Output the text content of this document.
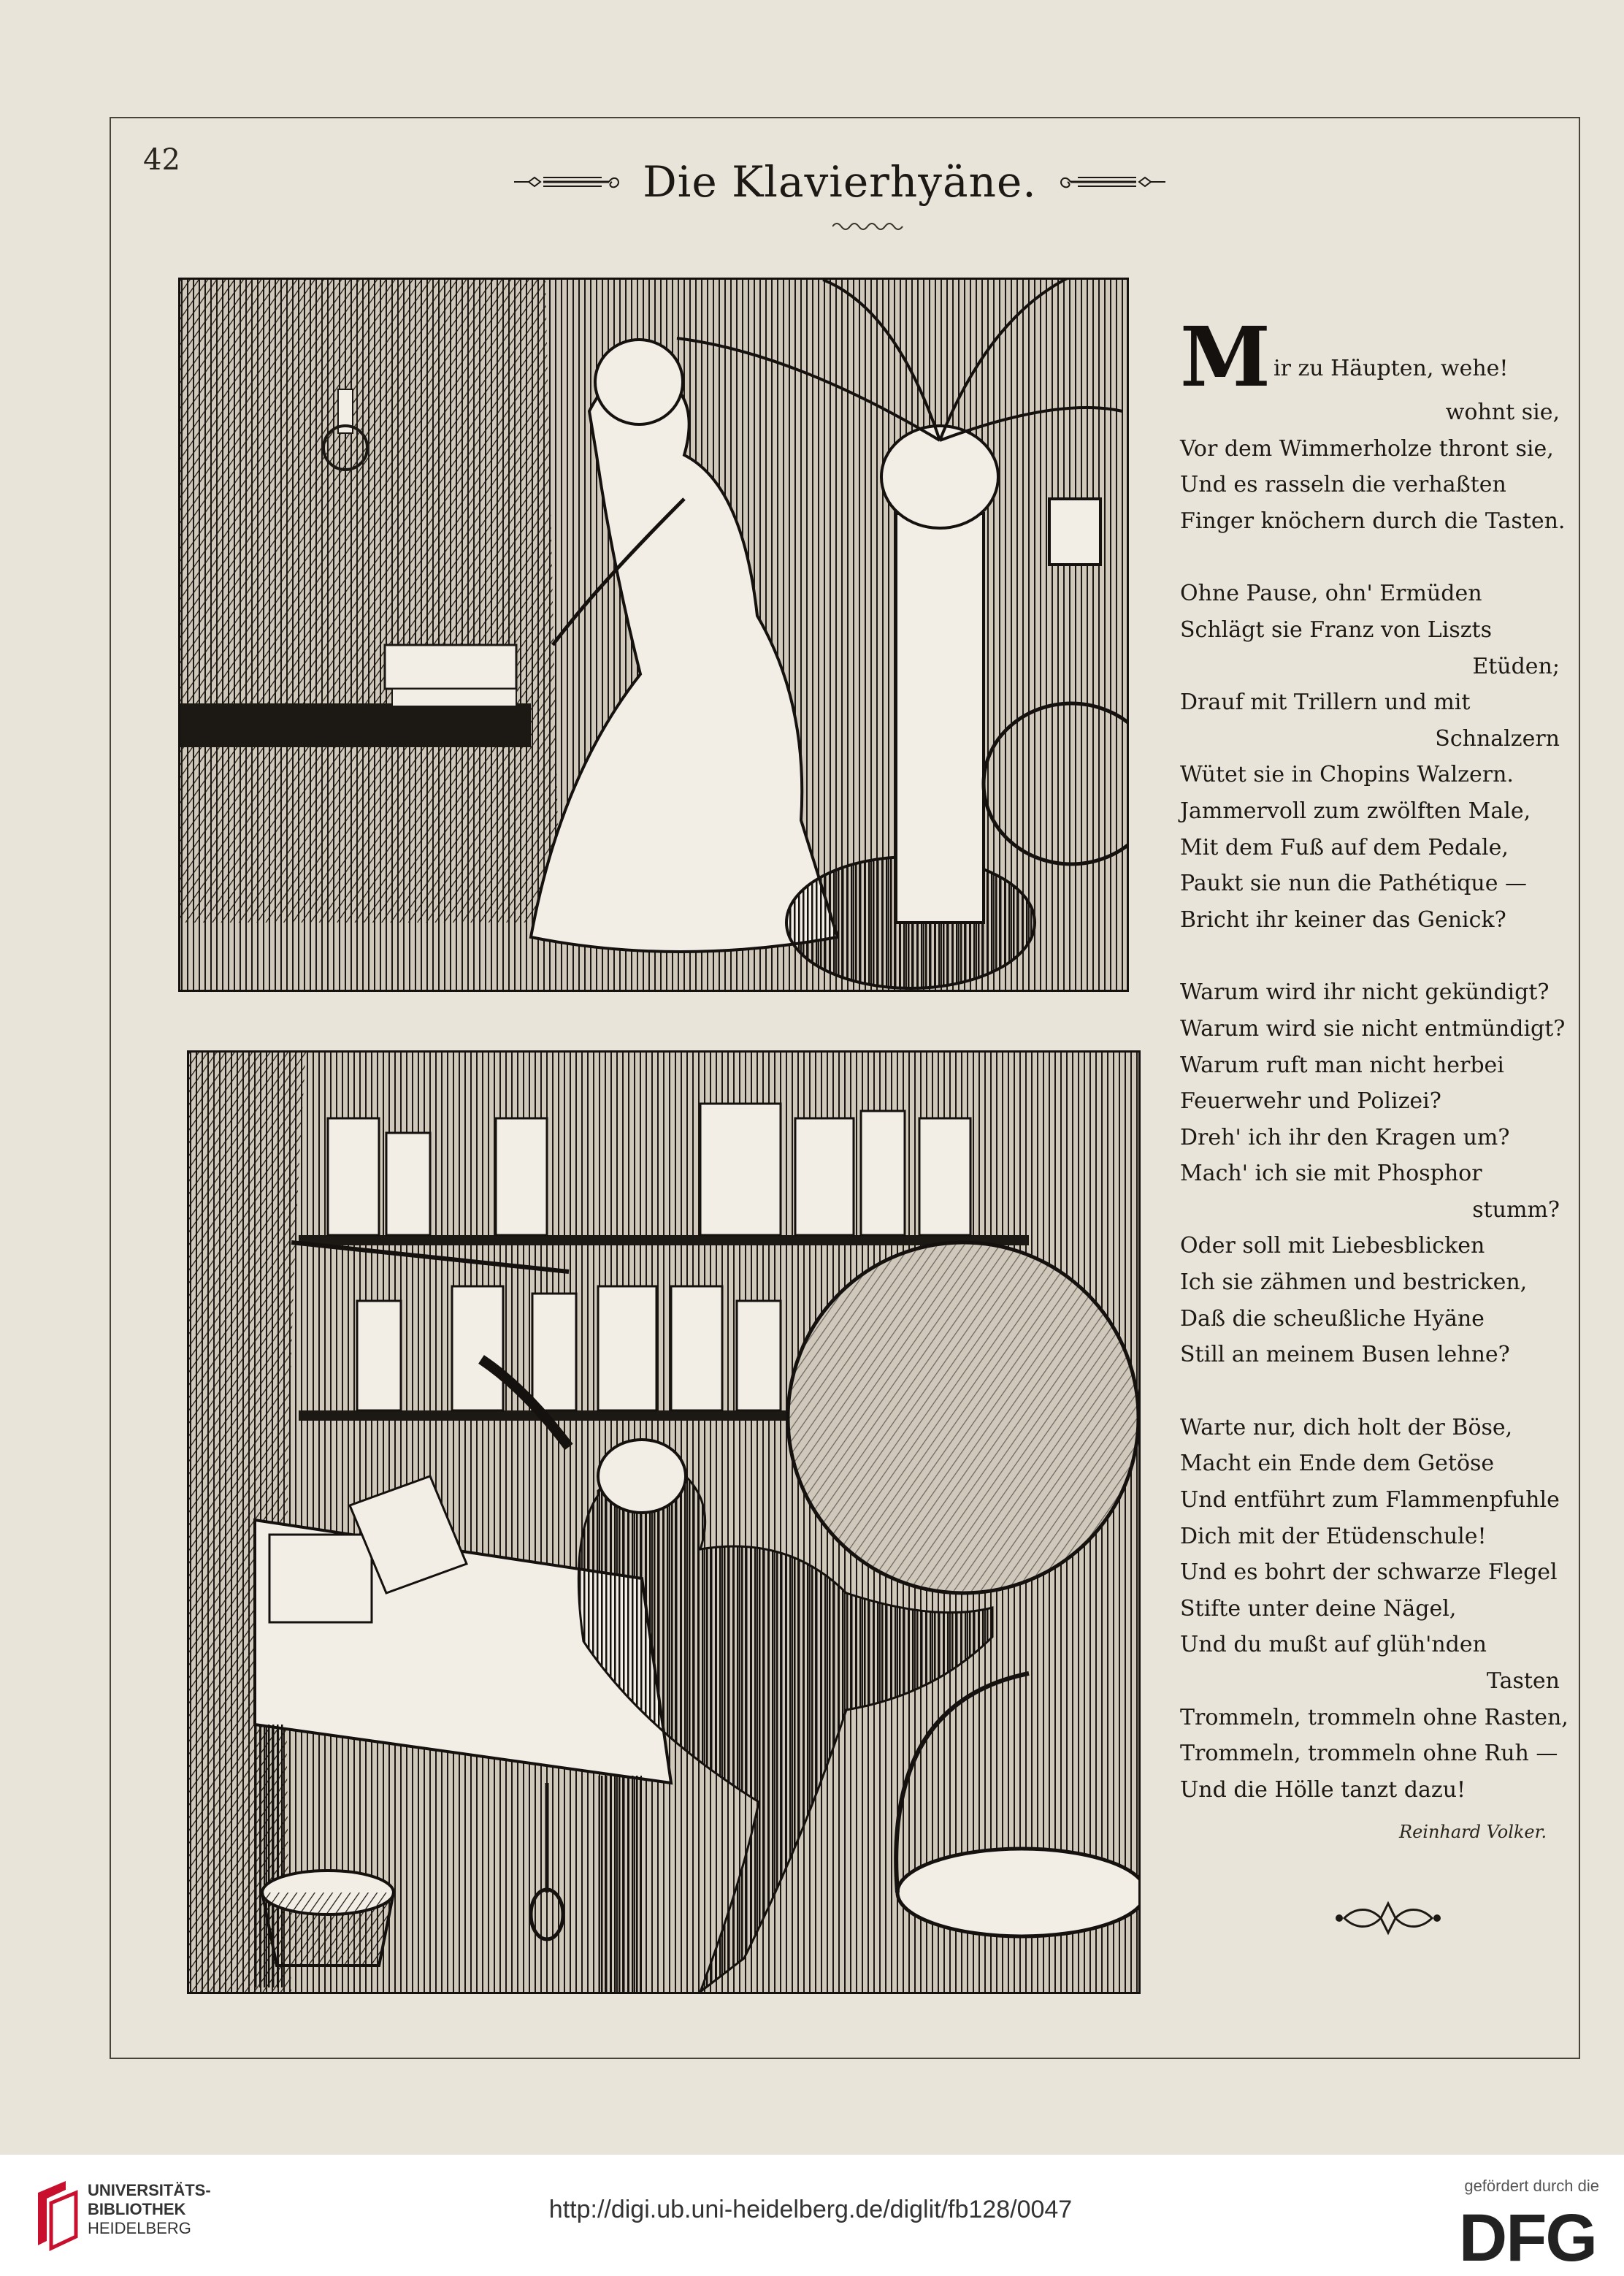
42	Die Klavierhyäne.
M ir zu Häupten, wehe!
wohnt sie,
Vor dem Wimmerholze thront sie,
Und es rasseln die verhaßten
Finger knöchern durch die Tasten.
Ohne Pause, ohn' Ermüden
Schlägt sie Franz von Liszts
Etüden;
Drauf mit Trillern und mit
Schnalzern
Wütet sie in Chopins Walzern.
Jammervoll zum zwölften Male,
Mit dem Fuß auf dem Pedale,
Paukt sie nun die Pathétique —
Bricht ihr keiner das Genick?
Warum wird ihr nicht gekündigt?
Warum wird sie nicht entmündigt?
Warum ruft man nicht herbei
Feuerwehr und Polizei?
Dreh' ich ihr den Kragen um?
Mach' ich sie mit Phosphor
stumm?
Oder soll mit Liebesblicken
Ich sie zähmen und bestricken,
Daß die scheußliche Hyäne
Still an meinem Busen lehne?
Warte nur, dich holt der Böse,
Macht ein Ende dem Getöse
Und entführt zum Flammenpfuhle
Dich mit der Etüdenschule!
Und es bohrt der schwarze Flegel
Stifte unter deine Nägel,
Und du mußt auf glüh'nden
Tasten
Trommeln, trommeln ohne Rasten,
Trommeln, trommeln ohne Ruh —
Und die Hölle tanzt dazu!
Reinhard Volker.
UNIVERSITÄTS-
BIBLIOTHEK
HEIDELBERG
http://digi.ub.uni-heidelberg.de/diglit/fb128/0047
gefördert durch die
DFG
